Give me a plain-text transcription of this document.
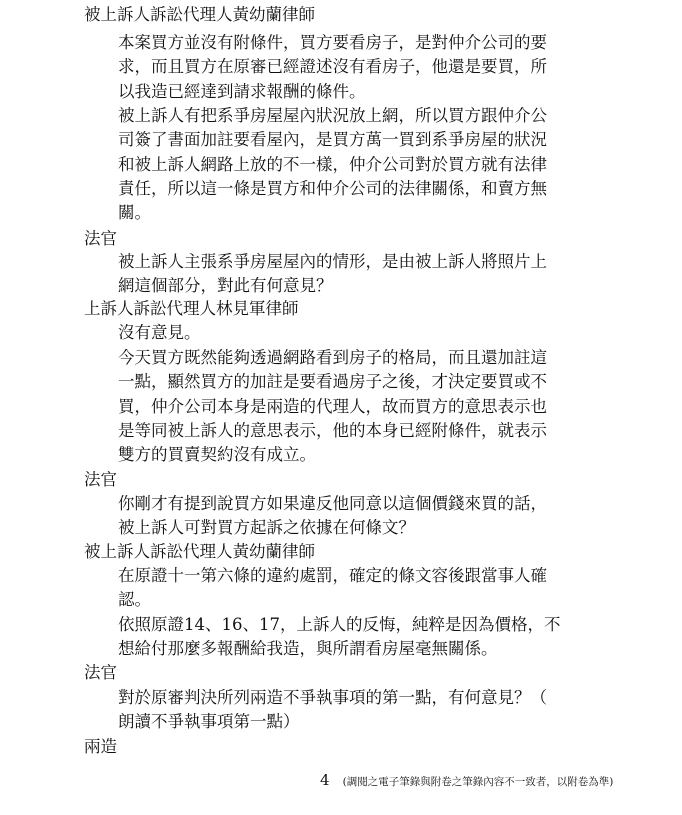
被上訴人訴訟代理人黃幼蘭律師
本案買方並沒有附條件，買方要看房子，是對仲介公司的要
求，而且買方在原審已經證述沒有看房子，他還是要買，所
以我造已經達到請求報酬的條件。
被上訴人有把系爭房屋屋內狀況放上網，所以買方跟仲介公
司簽了書面加註要看屋內，是買方萬一買到系爭房屋的狀況
和被上訴人網路上放的不一樣，仲介公司對於買方就有法律
責任，所以這一條是買方和仲介公司的法律關係，和賣方無
關。
法官
被上訴人主張系爭房屋屋內的情形，是由被上訴人將照片上
網這個部分，對此有何意見？
上訴人訴訟代理人林見軍律師
沒有意見。
今天買方既然能夠透過網路看到房子的格局，而且還加註這
一點，顯然買方的加註是要看過房子之後，才決定要買或不
買，仲介公司本身是兩造的代理人，故而買方的意思表示也
是等同被上訴人的意思表示，他的本身已經附條件，就表示
雙方的買賣契約沒有成立。
法官
你剛才有提到說買方如果違反他同意以這個價錢來買的話，
被上訴人可對買方起訴之依據在何條文？
被上訴人訴訟代理人黃幼蘭律師
在原證十一第六條的違約處罰，確定的條文容後跟當事人確
認。
依照原證14、16、17，上訴人的反悔，純粹是因為價格，不
想給付那麼多報酬給我造，與所謂看房屋毫無關係。
法官
對於原審判決所列兩造不爭執事項的第一點，有何意見？（
朗讀不爭執事項第一點）
兩造
4 (調閱之電子筆錄與附卷之筆錄內容不一致者，以附卷為準)
